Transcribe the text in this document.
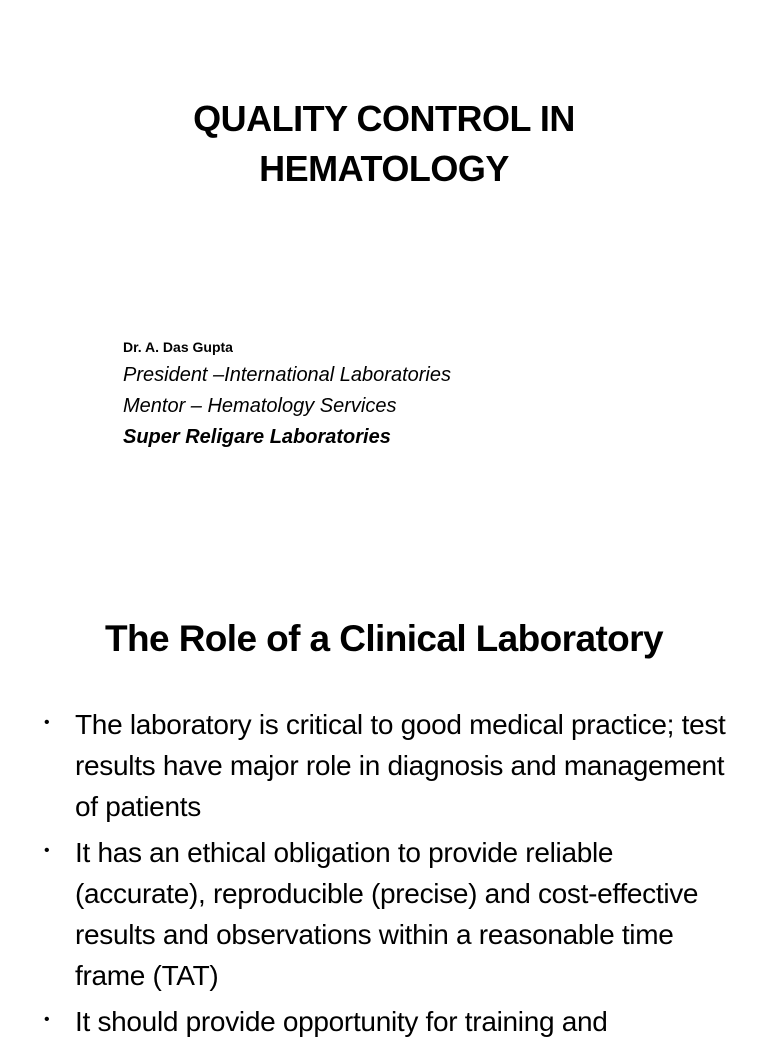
QUALITY CONTROL IN
HEMATOLOGY
Dr. A. Das Gupta
President –International Laboratories
Mentor – Hematology Services
Super Religare Laboratories
The Role of a Clinical Laboratory
• The laboratory is critical to good medical practice; test results have major role in diagnosis and management of patients
• It has an ethical obligation to provide reliable (accurate), reproducible (precise) and cost-effective results and observations within a reasonable time frame (TAT)
• It should provide opportunity for training and
